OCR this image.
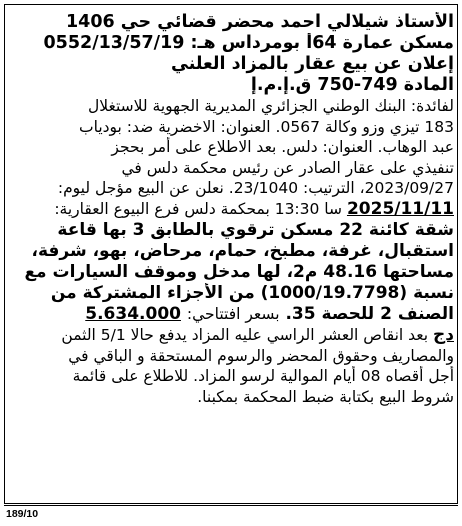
الأستاذ شيلالي احمد محضر قضائي حي 1406
مسكن عمارة 64أ بومرداس هـ: 0552/13/57/19
إعلان عن بيع عقار بالمزاد العلني
المادة 749-750 ق.إ.م.إ
لفائدة: البنك الوطني الجزائري المديرية الجهوية للاستغلال
183 تيزي وزو وكالة 0567. العنوان: الاخضرية ضد: بودياب
عبد الوهاب. العنوان: دلس. بعد الاطلاع على أمر بحجز
تنفيذي على عقار الصادر عن رئيس محكمة دلس في
2023/09/27، الترتيب: 23/1040. نعلن عن البيع مؤجل ليوم:
2025/11/11 سا 13:30 بمحكمة دلس فرع البيوع العقارية:
شقة كائنة 22 مسكن ترقوي بالطابق 3 بها قاعة
استقبال، غرفة، مطبخ، حمام، مرحاض، بهو، شرفة،
مساحتها 48.16 م2، لها مدخل وموقف السيارات مع
نسبة (1000/19.7798) من الأجزاء المشتركة من
الصنف 2 للحصة 35. بسعر افتتاحي: 5.634.000
دج بعد انقاص العشر الراسي عليه المزاد يدفع حالا 5/1 الثمن
والمصاريف وحقوق المحضر والرسوم المستحقة و الباقي في
أجل أقصاه 08 أيام الموالية لرسو المزاد. للاطلاع على قائمة
شروط البيع بكتابة ضبط المحكمة بمكبنا.
189/10
